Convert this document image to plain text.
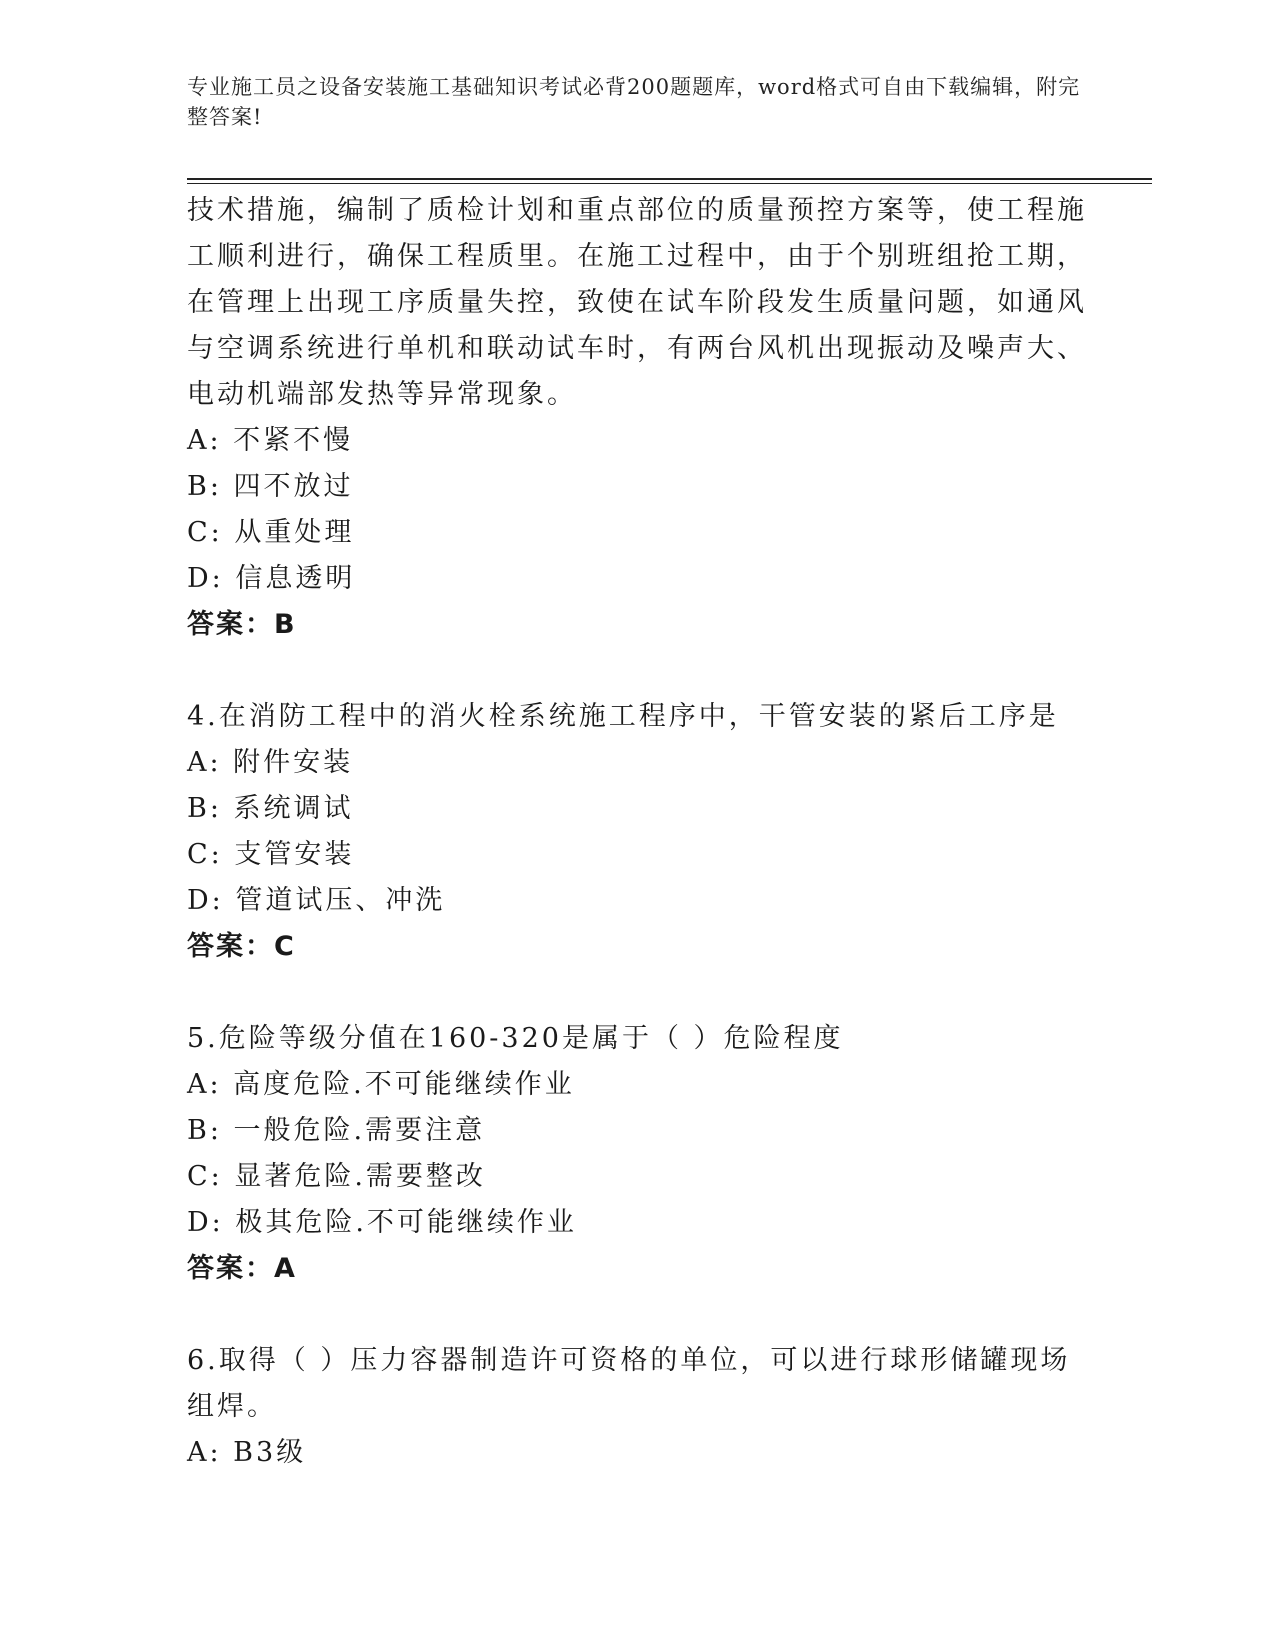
专业施工员之设备安装施工基础知识考试必背200题题库，word格式可自由下载编辑，附完整答案!

技术措施，编制了质检计划和重点部位的质量预控方案等，使工程施工顺利进行，确保工程质里。在施工过程中，由于个别班组抢工期，在管理上出现工序质量失控，致使在试车阶段发生质量问题，如通风与空调系统进行单机和联动试车时，有两台风机出现振动及噪声大、电动机端部发热等异常现象。

A: 不紧不慢

B: 四不放过

C: 从重处理

D: 信息透明

答案：B

4.在消防工程中的消火栓系统施工程序中，干管安装的紧后工序是

A: 附件安装

B: 系统调试

C: 支管安装

D: 管道试压、冲洗

答案：C

5.危险等级分值在160-320是属于（ ）危险程度

A: 高度危险.不可能继续作业

B: 一般危险.需要注意

C: 显著危险.需要整改

D: 极其危险.不可能继续作业

答案：A

6.取得（ ）压力容器制造许可资格的单位，可以进行球形储罐现场组焊。

A: B3级
